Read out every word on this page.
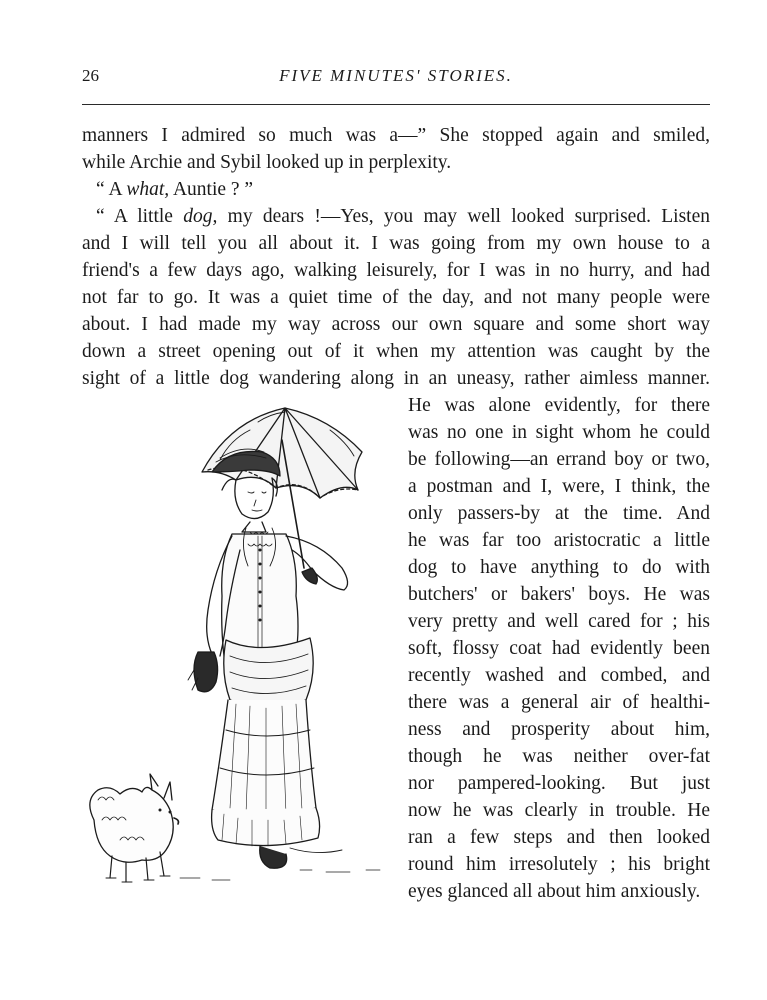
26	FIVE MINUTES' STORIES.
manners I admired so much was a—” She stopped again and smiled,
while Archie and Sybil looked up in perplexity.
“ A what, Auntie ? ”
“ A little dog, my dears !—Yes, you may well looked surprised. Listen
and I will tell you all about it. I was going from my own house to a
friend's a few days ago, walking leisurely, for I was in no hurry, and had
not far to go. It was a quiet time of the day, and not many people were
about. I had made my way across our own square and some short way
down a street opening out of it when my attention was caught by the
sight of a little dog wandering along in an uneasy, rather aimless manner.
He was alone evidently, for there
was no one in sight whom he could
be following—an errand boy or two,
a postman and I, were, I think, the
only passers-by at the time. And
he was far too aristocratic a little
dog to have anything to do with
butchers' or bakers' boys. He was
very pretty and well cared for ; his
soft, flossy coat had evidently been
recently washed and combed, and
there was a general air of healthi-
ness and prosperity about him,
though he was neither over-fat
nor pampered-looking. But just
now he was clearly in trouble. He
ran a few steps and then looked
round him irresolutely ; his bright
eyes glanced all about him anxiously.
